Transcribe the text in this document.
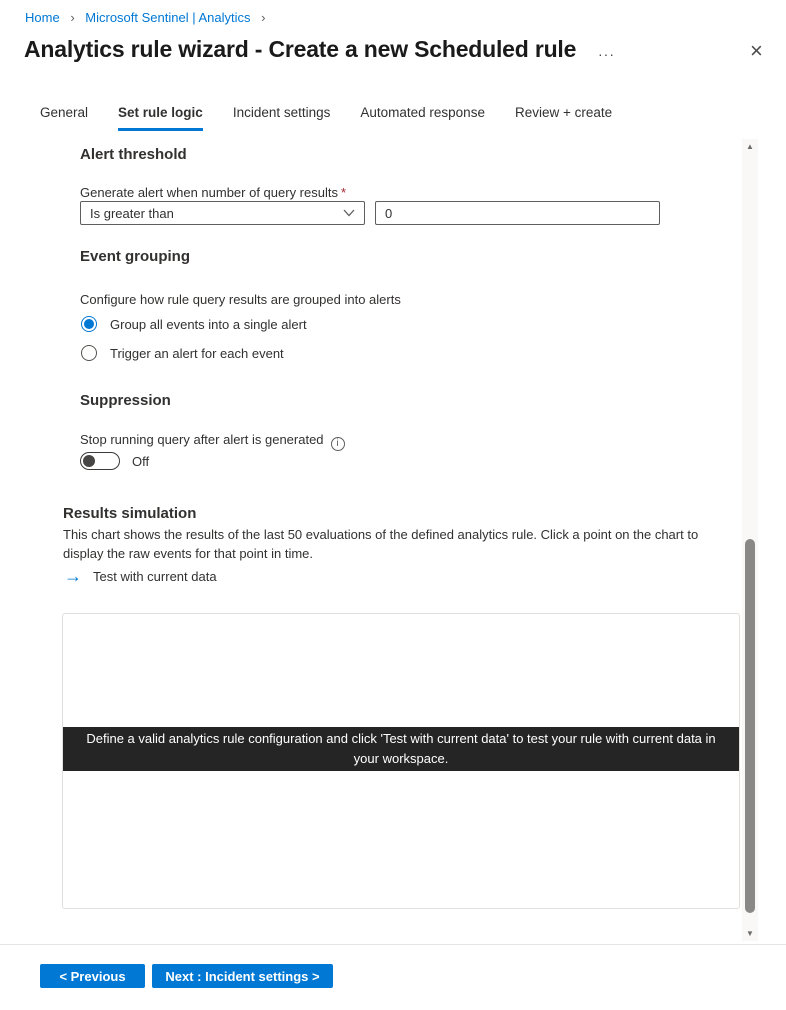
Home › Microsoft Sentinel | Analytics ›
Analytics rule wizard - Create a new Scheduled rule ···	×
General Set rule logic Incident settings Automated response Review + create
Alert threshold
Generate alert when number of query results *
Is greater than
0
Event grouping
Configure how rule query results are grouped into alerts
Group all events into a single alert
Trigger an alert for each event
Suppression
Stop running query after alert is generated i
Off
Results simulation
This chart shows the results of the last 50 evaluations of the defined analytics rule. Click a point on the chart to display the raw events for that point in time.
→ Test with current data
Define a valid analytics rule configuration and click 'Test with current data' to test your rule with current data in your workspace.
▲
▼
< Previous	Next : Incident settings >
